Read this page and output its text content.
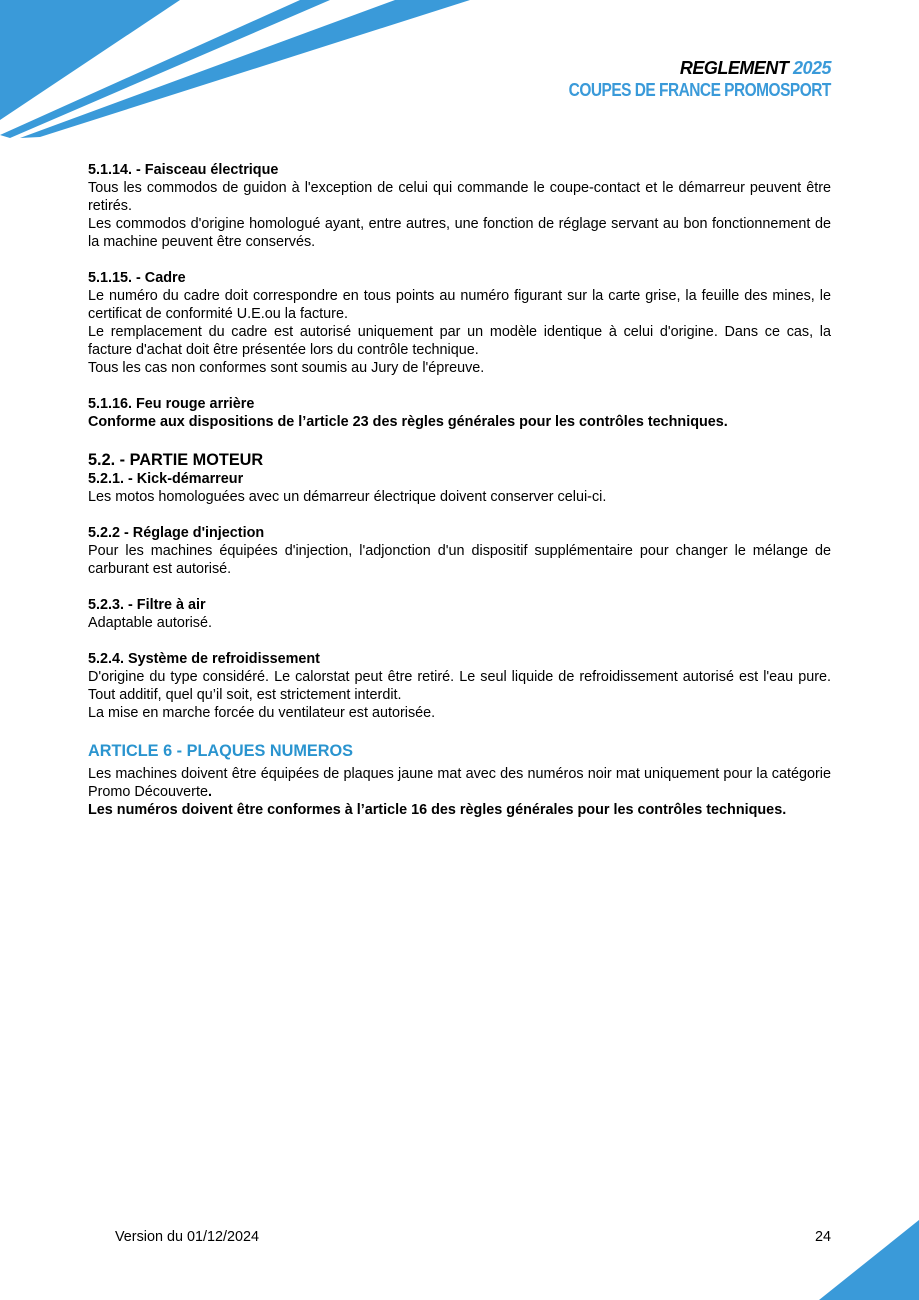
REGLEMENT 2025
COUPES DE FRANCE PROMOSPORT

5.1.14. - Faisceau électrique

Tous les commodos de guidon à l'exception de celui qui commande le coupe-contact et le démarreur peuvent être retirés.

Les commodos d'origine homologué ayant, entre autres, une fonction de réglage servant au bon fonctionnement de la machine peuvent être conservés.

5.1.15. - Cadre

Le numéro du cadre doit correspondre en tous points au numéro figurant sur la carte grise, la feuille des mines, le certificat de conformité U.E.ou la facture.

Le remplacement du cadre est autorisé uniquement par un modèle identique à celui d'origine. Dans ce cas, la facture d'achat doit être présentée lors du contrôle technique.

Tous les cas non conformes sont soumis au Jury de l'épreuve.

5.1.16. Feu rouge arrière

Conforme aux dispositions de l’article 23 des règles générales pour les contrôles techniques.

5.2. - PARTIE MOTEUR

5.2.1. - Kick-démarreur

Les motos homologuées avec un démarreur électrique doivent conserver celui-ci.

5.2.2 - Réglage d'injection

Pour les machines équipées d'injection, l'adjonction d'un dispositif supplémentaire pour changer le mélange de carburant est autorisé.

5.2.3. - Filtre à air

Adaptable autorisé.

5.2.4. Système de refroidissement

D'origine du type considéré. Le calorstat peut être retiré. Le seul liquide de refroidissement autorisé est l'eau pure. Tout additif, quel qu’il soit, est strictement interdit.

La mise en marche forcée du ventilateur est autorisée.

ARTICLE 6 - PLAQUES NUMEROS

Les machines doivent être équipées de plaques jaune mat avec des numéros noir mat uniquement pour la catégorie Promo Découverte.

Les numéros doivent être conformes à l’article 16 des règles générales pour les contrôles techniques.

Version du 01/12/2024	24
